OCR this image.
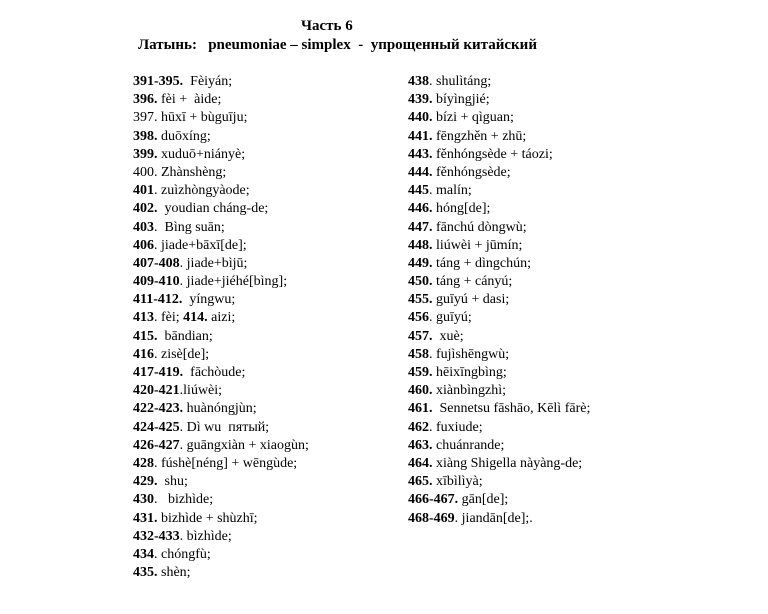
Часть 6
Латынь:   pneumoniae – simplex  -  упрощенный китайский
391-395.  Fèiyán;
396. fèi +  àide;
397. hūxī + bùguīju;
398. duōxíng;
399. xuduō+niányè;
400. Zhànshèng;
401. zuìzhòngyàode;
402.  youdian cháng-de;
403.  Bìng suān;
406. jiade+bāxī[de];
407-408. jiade+bìjū;
409-410. jiade+jiéhé[bìng];
411-412.  yíngwu;
413. fèi; 414. aizi;
415.  bāndian;
416. zisè[de];
417-419.  fāchòude;
420-421.liúwèi;
422-423. huànóngjùn;
424-425. Dì wu  пятый;
426-427. guāngxiàn + xiaogùn;
428. fúshè[néng] + wēngùde;
429.  shu;
430.   bizhìde;
431. bizhìde + shùzhī;
432-433. bìzhìde;
434. chóngfù;
435. shèn;
438. shulìtáng;
439. bíyìngjié;
440. bízi + qìguan;
441. fēngzhěn + zhū;
443. fěnhóngsède + táozi;
444. fěnhóngsède;
445. malín;
446. hóng[de];
447. fānchú dòngwù;
448. liúwèi + jūmín;
449. táng + dìngchún;
450. táng + cányú;
455. guīyú + dasi;
456. guīyú;
457.  xuè;
458. fujìshēngwù;
459. hēixīngbìng;
460. xiànbìngzhì;
461.  Sennetsu fāshāo, Kēlì fārè;
462. fuxiude;
463. chuánrande;
464. xiàng Shigella nàyàng-de;
465. xībìlìyà;
466-467. gān[de];
468-469. jiandān[de];.
